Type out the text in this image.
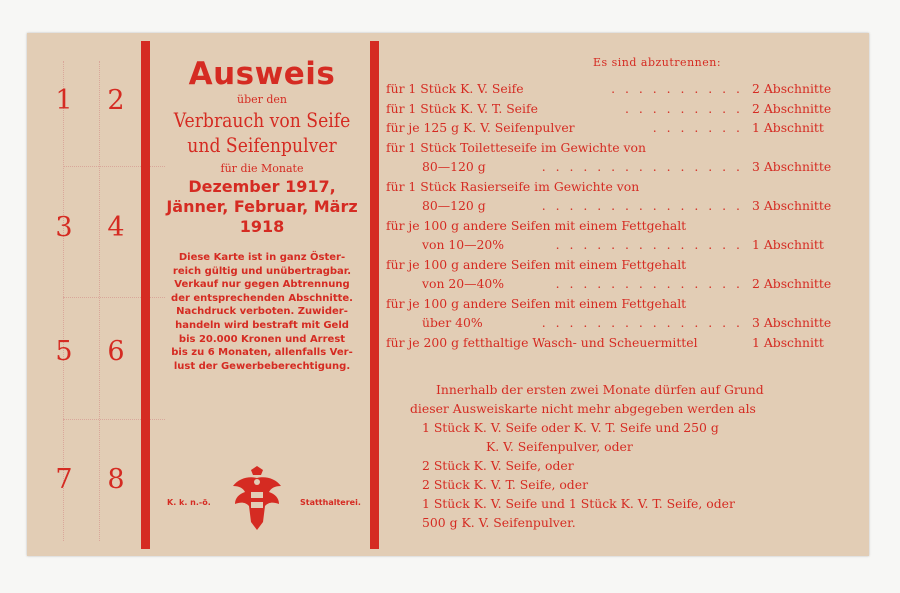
1	2
3	4
5	6
7	8
Ausweis
über den
Verbrauch von Seife
und Seifenpulver
für die Monate
Dezember 1917,
Jänner, Februar, März
1918
Diese Karte ist in ganz Öster-
reich gültig und unübertragbar.
Verkauf nur gegen Abtrennung
der entsprechenden Abschnitte.
Nachdruck verboten. Zuwider-
handeln wird bestraft mit Geld
bis 20.000 Kronen und Arrest
bis zu 6 Monaten, allenfalls Ver-
lust der Gewerbeberechtigung.
K. k. n.-ö.	Statthalterei.
Es sind abzutrennen:
für 1 Stück K. V. Seife	. . . . . . . . . . 2 Abschnitte
für 1 Stück K. V. T. Seife	. . . . . . . . . 2 Abschnitte
für je 125 g K. V. Seifenpulver	. . . . . . . 1 Abschnitt
für 1 Stück Toiletteseife im Gewichte von
80—120 g	. . . . . . . . . . . . . . . 3 Abschnitte
für 1 Stück Rasierseife im Gewichte von
80—120 g	. . . . . . . . . . . . . . . 3 Abschnitte
für je 100 g andere Seifen mit einem Fettgehalt
von 10—20%	. . . . . . . . . . . . . . 1 Abschnitt
für je 100 g andere Seifen mit einem Fettgehalt
von 20—40%	. . . . . . . . . . . . . . 2 Abschnitte
für je 100 g andere Seifen mit einem Fettgehalt
über 40%	. . . . . . . . . . . . . . . 3 Abschnitte
für je 200 g fetthaltige Wasch- und Scheuermittel	1 Abschnitt
Innerhalb der ersten zwei Monate dürfen auf Grund
dieser Ausweiskarte nicht mehr abgegeben werden als
1 Stück K. V. Seife oder K. V. T. Seife und 250 g
K. V. Seifenpulver, oder
2 Stück K. V. Seife, oder
2 Stück K. V. T. Seife, oder
1 Stück K. V. Seife und 1 Stück K. V. T. Seife, oder
500 g K. V. Seifenpulver.
